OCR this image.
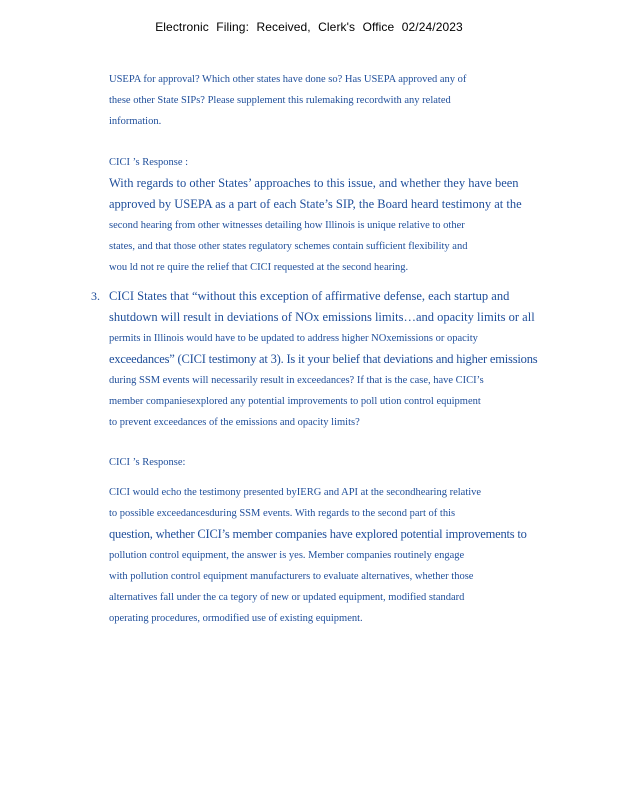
Electronic Filing: Received, Clerk's Office 02/24/2023
USEPA for approval? Which other states have done so? Has USEPA approved any of
these other State SIPs? Please supplement this rulemaking recordwith any related
information.
CICI ’s Response :
With regards to other States’ approaches to this issue, and whether they have been
approved by USEPA as a part of each State’s SIP, the Board heard testimony at the
second hearing from other witnesses detailing how Illinois is unique relative to other
states, and that those other states regulatory schemes contain sufficient flexibility and
wou ld not re quire the relief that CICI requested at the second hearing.
3. CICI States that “without this exception of affirmative defense, each startup and
shutdown will result in deviations of NOx emissions limits…and opacity limits or all
permits in Illinois would have to be updated to address higher NOxemissions or opacity
exceedances” (CICI testimony at 3). Is it your belief that deviations and higher emissions
during SSM events will necessarily result in exceedances? If that is the case, have CICI’s
member companiesexplored any potential improvements to poll ution control equipment
to prevent exceedances of the emissions and opacity limits?
CICI ’s Response:
CICI would echo the testimony presented byIERG and API at the secondhearing relative
to possible exceedancesduring SSM events. With regards to the second part of this
question, whether CICI’s member companies have explored potential improvements to
pollution control equipment, the answer is yes. Member companies routinely engage
with pollution control equipment manufacturers to evaluate alternatives, whether those
alternatives fall under the ca tegory of new or updated equipment, modified standard
operating procedures, ormodified use of existing equipment.
